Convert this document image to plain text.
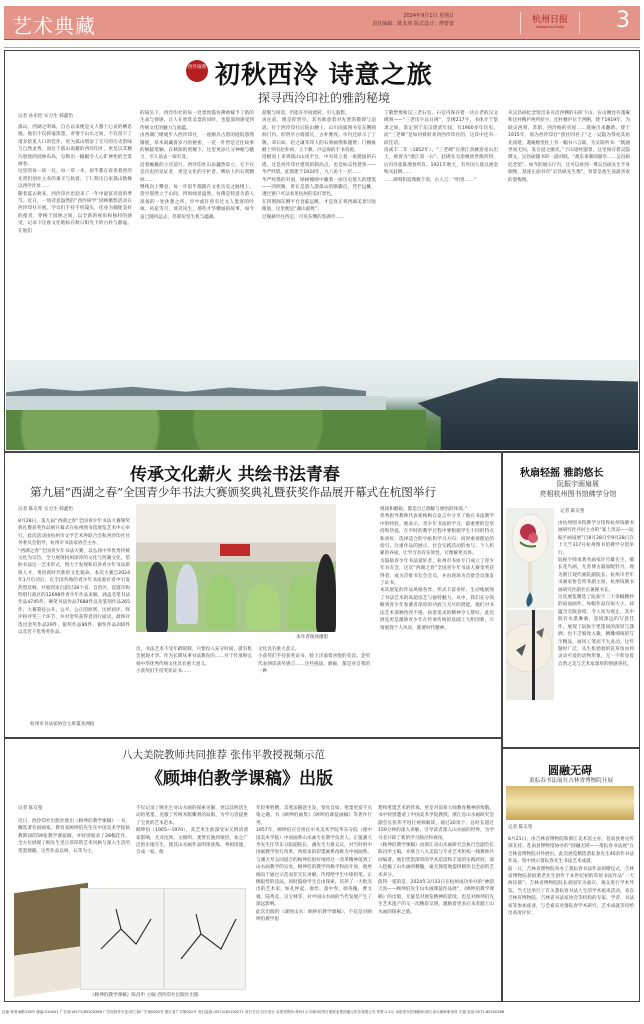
艺术典藏	2024年9月1日 星期日
责任编辑：陈友堃 版式设计：傅蕾蕾	杭州日报
Hangzhou Daily	3
西泠镜像 初秋西泠 诗意之旅
探寻西泠印社的雅韵秘境
记者 孙乐怡 实习生 韩鑫怡
孤山，西湖之明珠，自古以来便是文人雅士心灵的栖息地。他们不仅挥毫泼墨，寄情于山水之间，不仅留下了诸多脍炙人口的佳作，更为孤山增添了无尽的历史韵味与自然灵秀。而位于孤山南麓的西泠印社，更是以其精巧别致的园林布局，勾勒出一幅幅令人心旷神怡的全景画卷。
这里的每一砖一瓦、每一草一木，似乎都在诉说着西泠先贤们创社立业的艰辛与执着。丁仁辉出自家孤山数椽以西泠社址……
随着夏去秋来，西泠印社也迎来了一年中最富诗意的季节。近日，一场诗意盎然的“西泠研学”园林摄影活动在西泠印社开展。学员们手持手机镜头，化身为捕捉美好的使者，穿梭于园林之间，以全新的视角和独特的感受，记录下这座文化地标在秋日阳光下的古朴与静谧。在他们
的镜头下，西泠印社的每一处景致都仿佛被赋予了新的生命与情感，让人在欣赏美景的同时，也能深刻感受到传统文化的魅力与底蕴。
由西湖门缓缓步入西泠印社，一座颇具古韵的庭院悠然铺展，草木间藏着岁月的秘密，一花一叶皆是过往故事的细腻笔触。在秋阳的照耀下，这里更添几分神秘与魅力，引人前去一探究竟。
沿着蜿蜒的小径前行，西泠印社石坊巍然耸立，它不仅是历史的见证者，更是文化的守护者。牌坊上的石刻精妙……
继续向上攀登，每一步似乎都踏在文化历史之脉络上。莲亭悠然立于山间，四周绿意盎然，仿佛是特意为游人准备的一处休憩之所。亭中或许曾有过文人墨客的吟咏，风花雪月，谈笑风生，那些才华横溢的故事，如今虽已随风远去，但那份坚生机与蕴藉。
超脱与闲适，仍能在亭间流转，引人遐想。
再往前，便是仰贤亭，其名寓意着对先贤的敬仰与追思。位于西泠印社后院山腰上，山川雨露图书室东侧圆洞门内。仰贤亭白墙黛瓦，古朴雅致。亭内还原示了丁敬、邓石如、赵之谦等印人的石刻画像和题赞；门楣匾额上则有赵朴初、王个簃、沙孟海的手书真迹。
拾级而上来到孤山山顶平台，中央耸立着一座挺拔的石塔，这是西泠印社建筑的制高点，也是标志性建筑——华严经塔。此塔建于1924年，九八角十一层……
华严经塔的对面，绿树掩映中藏着一座历史悠久的建筑——四照阁，曾在是游人游孤山的歇脚点，凭栏远眺，透过窗户可以看见杭州的美好景色。
在四照阁东侧平台登临远眺，才是真正将西湖美景尽收眼底，这里便是“湖山最胜”。
过剔藓亭往西走，可见东侧的鉴湖亭……
丁敬塑像和汉三老石室。石室内保存着一块古老的汉文碑刻——“三老讳字忌日碑”，全碑217字，书体介于篆隶之间，鉴定刻于东汉建武年间，有1900多年历史。而“三老碑”是如何被转来到西泠印社的，这其中还有一段佳话。
清咸丰二年（1852年），“三老碑”在浙江余姚客星山出土，被誉为“浙江第一石”。此碑先为余姚周世熊所得，后归丹徒陈渔春所有。1921年秋天，有外国人欲以重金购买此碑……
……碑刻和造像数千余，古人云：“明善……”
从吴昌硕纪念馆出来可沿西侧的石阶下山，在山腰处有遁庵和还朴精庐两所屋宇。还朴精庐位于西侧，建于1919年，为联吴西刻、苏珺、西泠杨的旁屋……遁庵出来翻新，建于1915年，原为西泠印社“创社四君子”之一吴隐为祭祀其祖先而建。遁庵檐堂柱上有一幅书六言联，为吴阳所书：“既通世而无闷，发吾道之幽光。”下山途经题景，这里保存着吴隐撰文、吴昌硕题书的一副对联。“观乐垂制阅器亭……吴昌硕纪念馆”。如今的展示厅内，还可以看到一尊吴昌硕先生半身铜像，基座正面书有“吴昌硕先生像”，背景是他生前最喜欢的墨梅图。
传承文化薪火 共绘书法青春
第九届“西湖之春”全国青少年书法大赛颁奖典礼暨获奖作品展开幕式在杭图举行
记者 陈友堃 实习生 韩鑫怡
8月28日，第九届“西湖之春”全国青少年书法大赛颁奖典礼暨获奖作品展开幕式在杭州图书馆展览艺术中心举行。此次活动由杭州市文学艺术界联合会和西泠印社社务委员会指导，杭州市书法家协会主办。
“西湖之春”全国青少年书法大赛，以弘扬中华优秀传统文化为宗旨，全力展现杭州深厚的文化与西湖文化，借助书法这一艺术形式，致力于发现和培养青少年书法新锐人才，勇担新时代新的文化使命。本次大赛自2024年1月启动后，在全国各地的青少年书法爱好者中引发热烈反响。共收到来自超过28个省、自治区、直辖市和特别行政区的12698件青少年作品来稿，涵盖毛笔书法作品4745件、硬笔书法作品7688件以及篆刻作品265件。大赛秉持公开、公平、公正的原则，历经初评、终评和评奖三个环节，并对金奖获得者进行面试，最终评选出金奖作品29件、银奖作品80件、铜奖作品200件以及若干优秀奖作品。
本作者现场摄影
出，书法艺术不受年龄限制，只要投入充分时间，就有机会展现才华。作为长期从事书法教育的……对于传承和弘扬中华优秀传统文化具有重大意义。
小获奖们手持奖状证书……
文化具有重大意义。
小获奖们手持获奖证书，脸上洋溢着喜悦的笑容。金奖代表朗读获奖感言……这些挑战、磨砺，都是对自我的一种
挑战和磨砺，都是自己理解与感悟的体现。”
优秀指导教师代表崔梅梅在发言中分享了他在书法教学中的经验。他表示，青少年书法的学习，最重要的是坚持和热爱，在平时的教学过程中要根据学生不同的特点和喜好，选择适合的字帖和学习方向；同时重视理论的指引、注重作品的展示、社会实践活动的参与、个人积累的养成，让学习具有实效性，让理解更具体。
为鼓励青少年书法爱好者，杭州市书协专门成立了青少年书友会，这次“西湖之春”全国青少年书法大赛金奖获得者，成为首批书友会会员，并由现场为首批会员颁发了证书。
本次展览的作品风格各异、形式丰富多样，生动地展现了书法艺术的高超技艺与独特魅力。从中，我们充分领略到青少年参赛者深厚的功底与无尽的潜能。他们对书法艺术那种孜孜不倦、执着追求的精神令人赞叹。此次展览更是激励青少年在传承传统的基础上大胆创新，尽情展现个人风采，都要时代精神。
杭州市书法家协会主席董亚洲指
秋扇轻摇 雅韵悠长
阮振宇画扇展
亮相杭州图书馆佛学分馆
记者 陈友堃
由杭州图书馆佛学分馆和杭州钱塘书画研究社共同主办的“案上清凉——阮振宇画扇展”自8月28日至9月28日在上天竺317号杭州图书馆佛学分馆举行。
阮振宇师承著名画家许竹雄先生，擅长花鸟画，尤善博古器皿配牡丹。现为浙江现代画院副院长、杭州市老年书画家协会常务副主席、杭州钱塘书画研究社副社长兼秘书长。
这次展览精选了阮振宇二十余幅精妙的扇面画作，每幅作品仅扇大小，却蕴含无限意境，令人叹为观止。其中既有水墨淋漓、意境深远的写意佳作，展现了阮振宇笔墨间的深厚与潇洒；也不乏细致入微、精雕细琢的写生精品，画风工笔而不失灵动。这些题材广泛，从生机勃勃的花草鱼虫到灵动可爱的动物形象，无一不彰显着自然之美与艺术家深厚的情感寄托。
八大美院教师共同推荐 张伟平教授视频示范
《顾坤伯教学课稿》出版
记者 陈友堃
近日，西泠印社出版社推出《顾坤伯教学课稿》一书，精选著名国画家、教育家顾坤伯先生在中国美术学院执教期间的59张教学课徒稿，并特别收录了28幅佳作，全方位展现了顾先生堂正厚厚的艺术风格与深入生活的笔墨情趣。这些作品以树、石等为主，
不仅记录了顾先生对山水画的探索见解，更以其鲜活生动的笔墨，克服了传统木版雕刻的局限，为学习者提供了宝贵的艺术范本。
顾坤伯（1905—1970），其艺术生涯深受宋元明清诸家影响，尤对沈周、文徵明、龚贤有独到领悟，加之广泛的实地写生，使其山水画作品明净洗练、秀树清逸，自成一家。他
《顾坤伯教学课稿》陈昌申 主编 西泠印社出版社出版
年轻事胜精，其笔法随意生发，变化自如，笔墨更富手点染之趣。有《顾坤伯画集》《顾坤伯课徒画稿》等著作行世。
1957年，顾坤伯应召担任中央美术学院华东分院（现中国美术学院）中国画系山水画专业教学负责人。正值潘天寿先生任华东分院副院长，潘先生力排众议，对当时的中国画教学进行改革，将原来的彩墨画系改称为中国画系。与潘天寿志同道合的顾坤伯很好地将这一改革精神落到了山水画教学的实处。顾坤伯的教学风格平和而开放，他更倾向于通过示范而非冗长讲解，传授给学生中锋用笔、正侧取势的技法。同时鼓励学生自由探索，培养了一大批杰出的艺术家，如孔仲起、俞丝、童中焘、徐英槐、曹文驰、陆秀竞、吴宝林等，对中国山水画的当代发展产生了深远影响。
此次出版的《课图山水：顾坤伯教学课稿》，不仅是对顾坤伯教学思
想和笔墨艺术的传承，更是对前辈大师教育精神的致敬。书中特别邀请了中国美术学院教授、浙江省山水画研究会副会长张伟平进行视频解读，通过20余个、总时长超过150分钟的深入讲解，引导读者深入山水画的世界，为学习者开辟了新的学习路径和视角。
《顾坤伯教学课稿》由浙江省山水画研究会执行会副会长陈昌申主编，并联合八大美院与专业艺术机构一线教师共同编著。他们凭借深厚的学术造诣和丰富的实践经验，深入挖掘了山水画的精髓，毫无保留地提供朝你且全面的艺术养分。
值得一提的是，2024年3月22日在杭州成功举办的“神韵天真——顾坤伯先生山水画课徒作品展”，《顾坤伯教学课稿》的出版，无疑是对展览精神的延续，也是对顾坤伯先生艺术遗产的又一次精彩呈现，激励着更多后来者踏上山水画的探索之旅。
圆融无碍
萧耘春书法展在吉林省博物院开展
记者 陈友堃
8月21日，由吉林省博物院和浙江美术馆主办、苍南县委宣传部支持、苍南县博物馆协办的“圆融无碍——萧耘春书法展”在吉林省博物院对外展出。此次展览精选萧耘春先生40余件书法作品，集中展示萧耘春先生书法艺术成就。
前一日，吉林省博物院举办了萧耘春书法作品捐赠仪式，吉林省博物院获捐萧老先生创作于本世纪初的草原书法作品“一天两岸联”。吉林省博物院院长刘国军为嘉宾、观众进行学术导览。当天还举行了有关萧耘春书法人生的学术座谈活动，来自吉林省博物院、吉林省书法家协会等机构的专家、学者、书法家等参加座谈，与会嘉宾对萧耘春学术研究、艺术成就等均给出高度评价。
社址:体育场路218号 邮编:310041 广告部:(0571)85100286 广告经营许可证:浙工商广字第0002号 浙江省广字第002号 发行监督:(0571)85100271 发行方式:自办发行 本报零售价:每份1元 印刷:杭州日报报业集团盛元印务有限公司 零售:1.5元 本报常年法律顾问:浙江泽大律师事务所 方超 电话:0571-85100286
